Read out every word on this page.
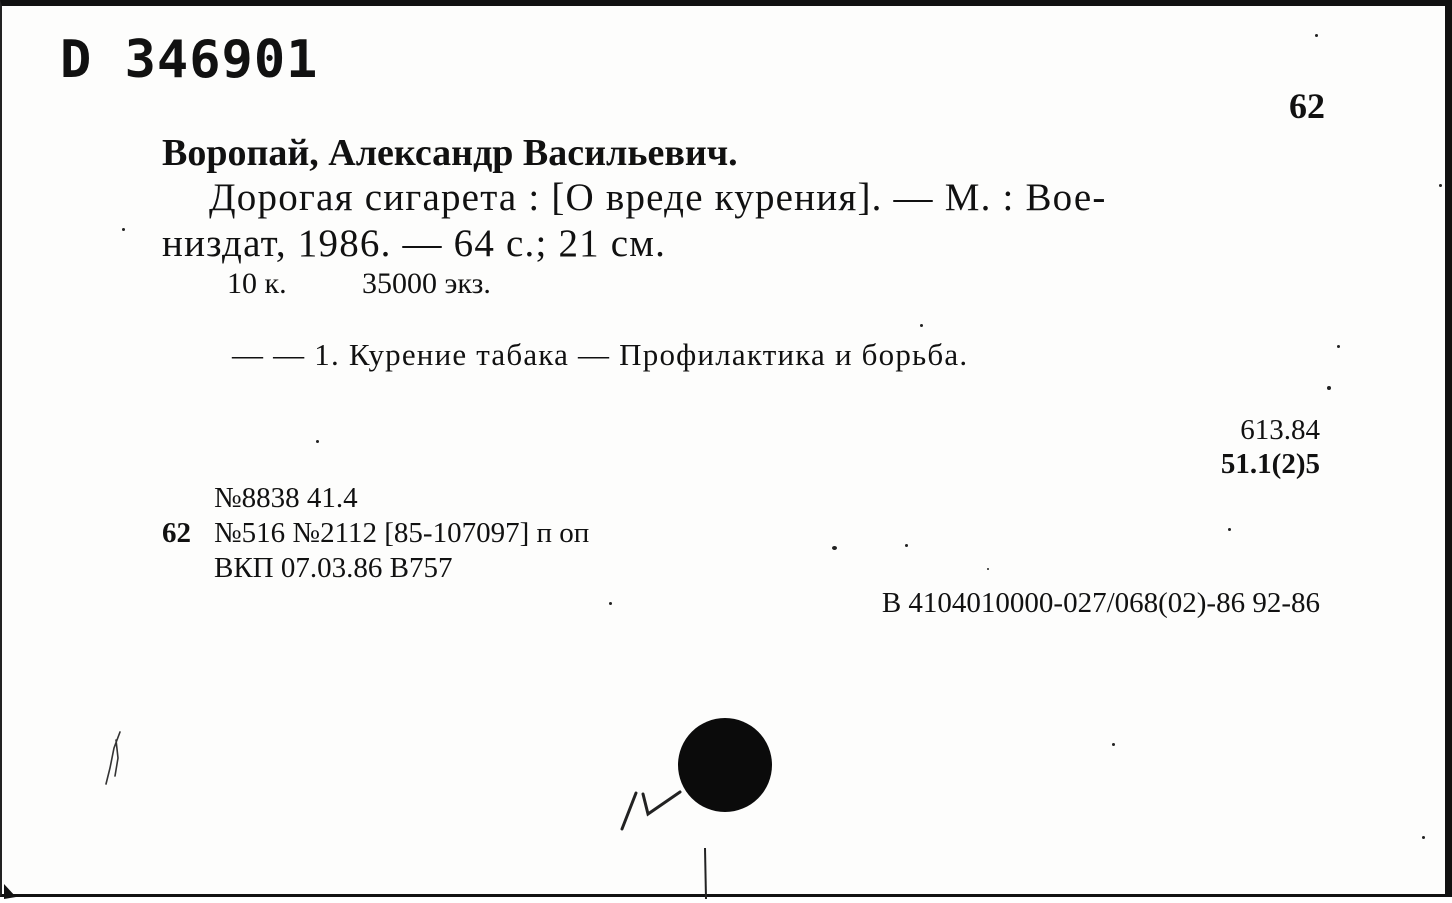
D 346901
62
Воропай, Александр Васильевич.
Дорогая сигарета : [О вреде курения]. — М. : Вое-
низдат, 1986. — 64 с.; 21 см.
10 к.	35000 экз.
— — 1. Курение табака — Профилактика и борьба.
613.84
51.1(2)5
№8838 41.4
62 №516 №2112 [85-107097] п оп
ВКП 07.03.86 В757
В 4104010000-027/068(02)-86 92-86
